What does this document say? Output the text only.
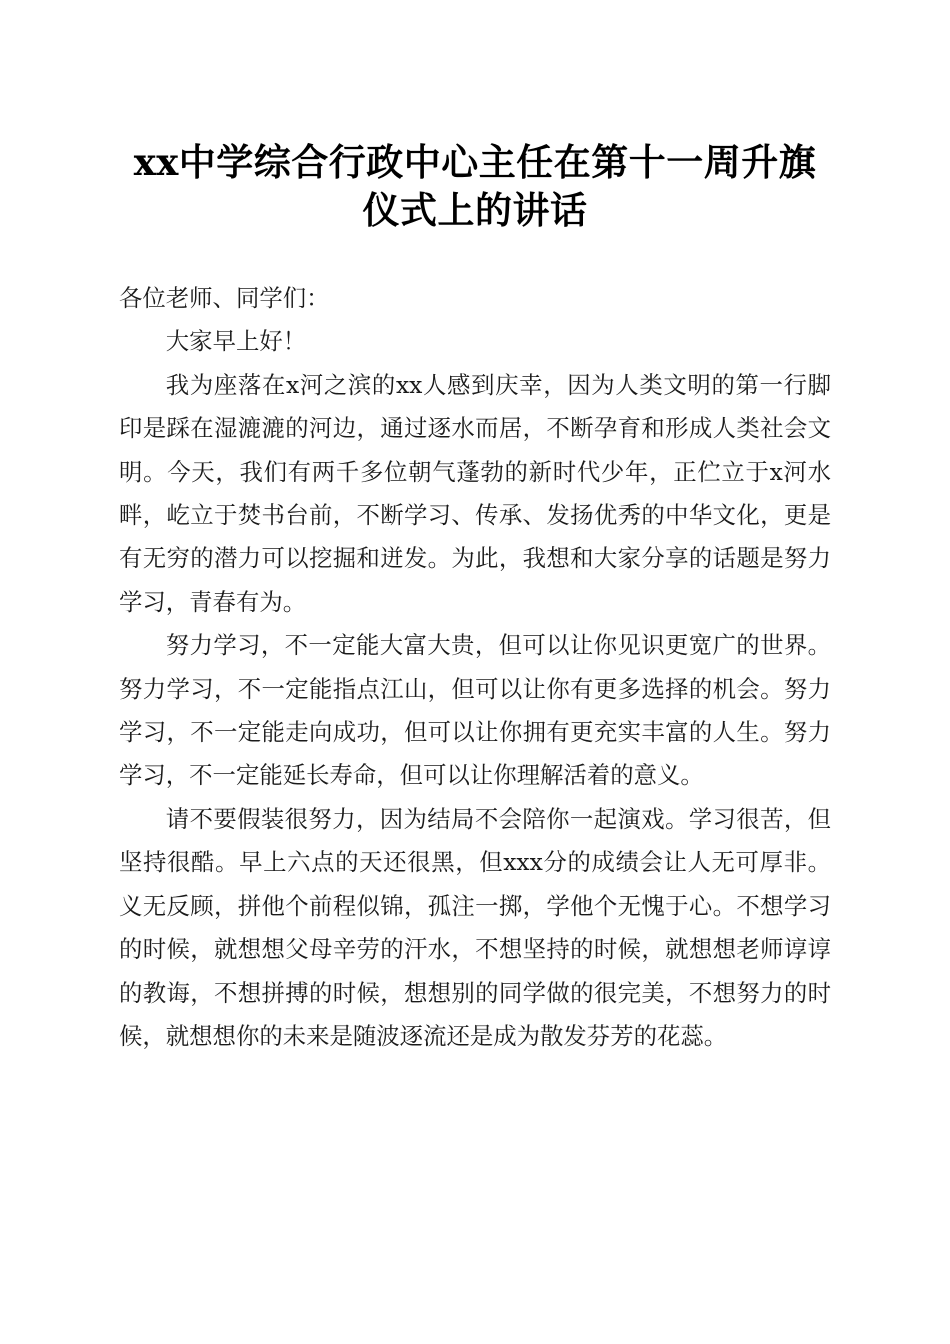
xx中学综合行政中心主任在第十一周升旗仪式上的讲话

各位老师、同学们：

大家早上好！

我为座落在x河之滨的xx人感到庆幸，因为人类文明的第一行脚印是踩在湿漉漉的河边，通过逐水而居，不断孕育和形成人类社会文明。今天，我们有两千多位朝气蓬勃的新时代少年，正伫立于x河水畔，屹立于焚书台前，不断学习、传承、发扬优秀的中华文化，更是有无穷的潜力可以挖掘和迸发。为此，我想和大家分享的话题是努力学习，青春有为。

努力学习，不一定能大富大贵，但可以让你见识更宽广的世界。努力学习，不一定能指点江山，但可以让你有更多选择的机会。努力学习，不一定能走向成功，但可以让你拥有更充实丰富的人生。努力学习，不一定能延长寿命，但可以让你理解活着的意义。

请不要假装很努力，因为结局不会陪你一起演戏。学习很苦，但坚持很酷。早上六点的天还很黑，但xxx分的成绩会让人无可厚非。义无反顾，拼他个前程似锦，孤注一掷，学他个无愧于心。不想学习的时候，就想想父母辛劳的汗水，不想坚持的时候，就想想老师谆谆的教诲，不想拼搏的时候，想想别的同学做的很完美，不想努力的时候，就想想你的未来是随波逐流还是成为散发芬芳的花蕊。
